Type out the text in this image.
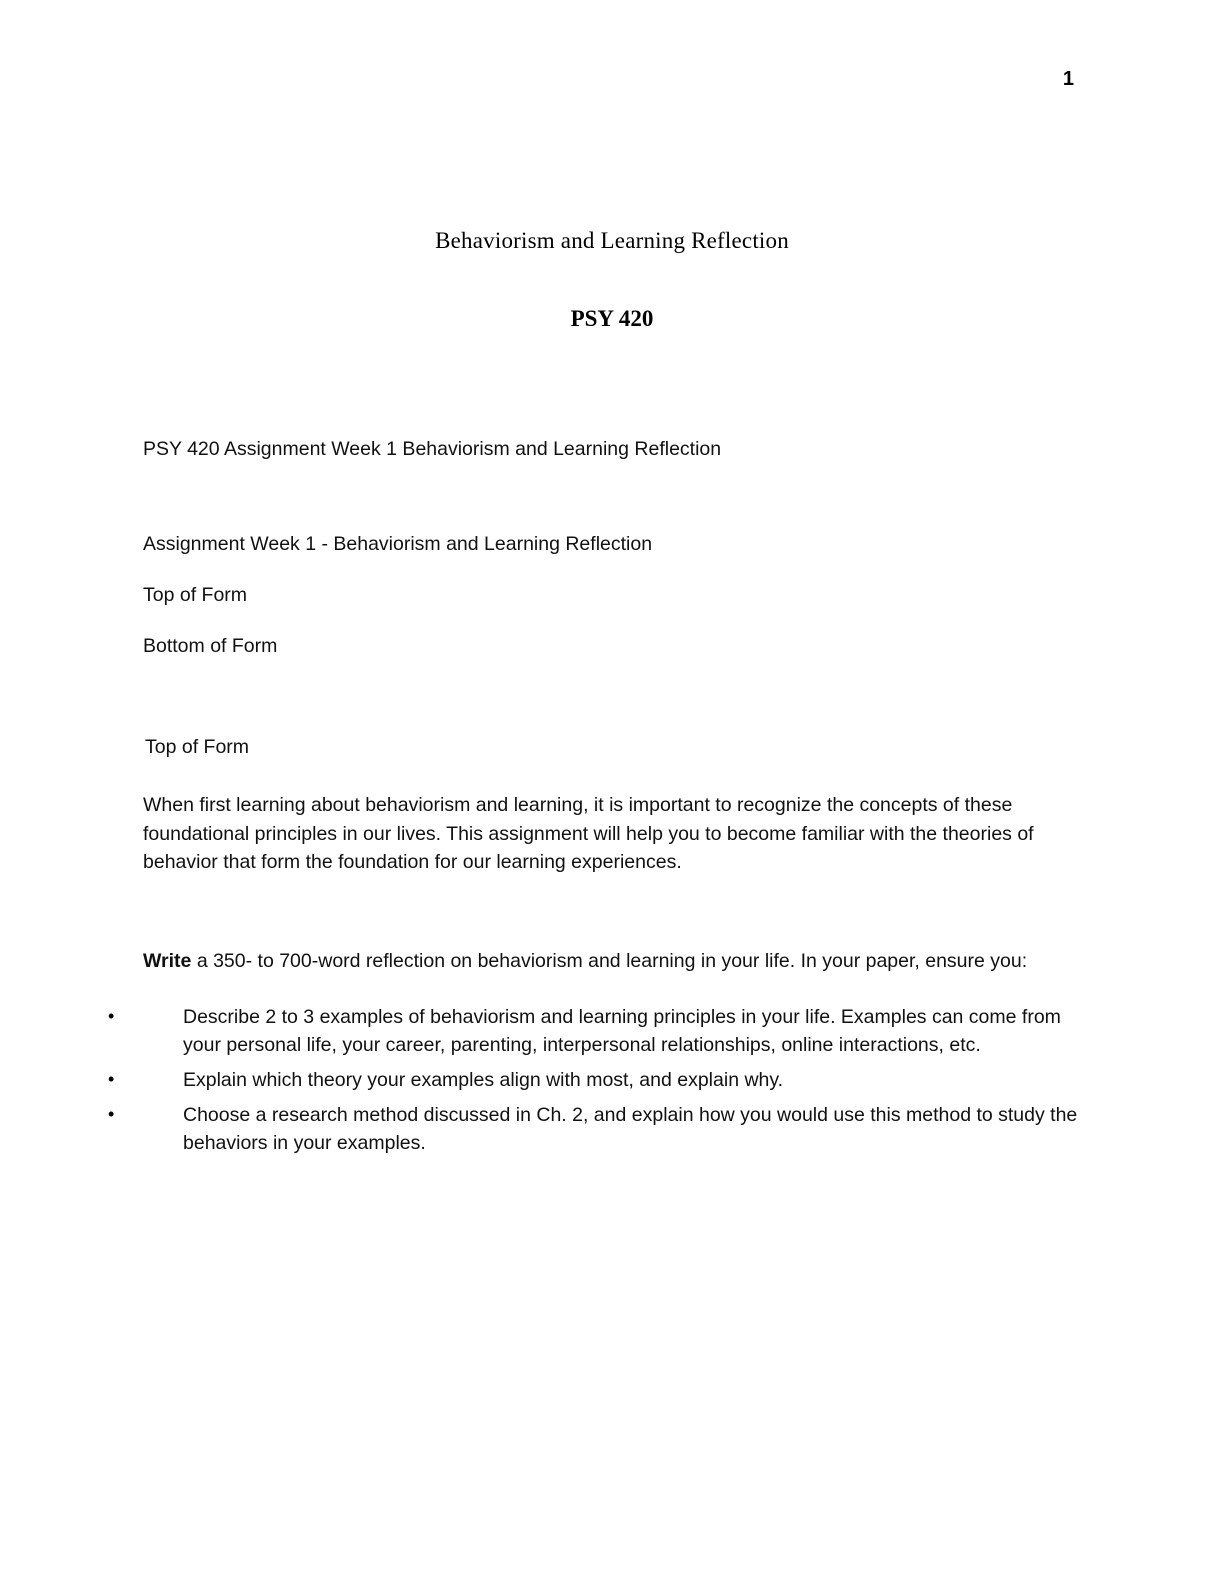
1
Behaviorism and Learning Reflection
PSY 420

PSY 420 Assignment Week 1 Behaviorism and Learning Reflection

Assignment Week 1 - Behaviorism and Learning Reflection

Top of Form

Bottom of Form

Top of Form

When first learning about behaviorism and learning, it is important to recognize the concepts of these foundational principles in our lives. This assignment will help you to become familiar with the theories of behavior that form the foundation for our learning experiences.

Write a 350- to 700-word reflection on behaviorism and learning in your life. In your paper, ensure you:

• Describe 2 to 3 examples of behaviorism and learning principles in your life. Examples can come from your personal life, your career, parenting, interpersonal relationships, online interactions, etc.
• Explain which theory your examples align with most, and explain why.
• Choose a research method discussed in Ch. 2, and explain how you would use this method to study the behaviors in your examples.
